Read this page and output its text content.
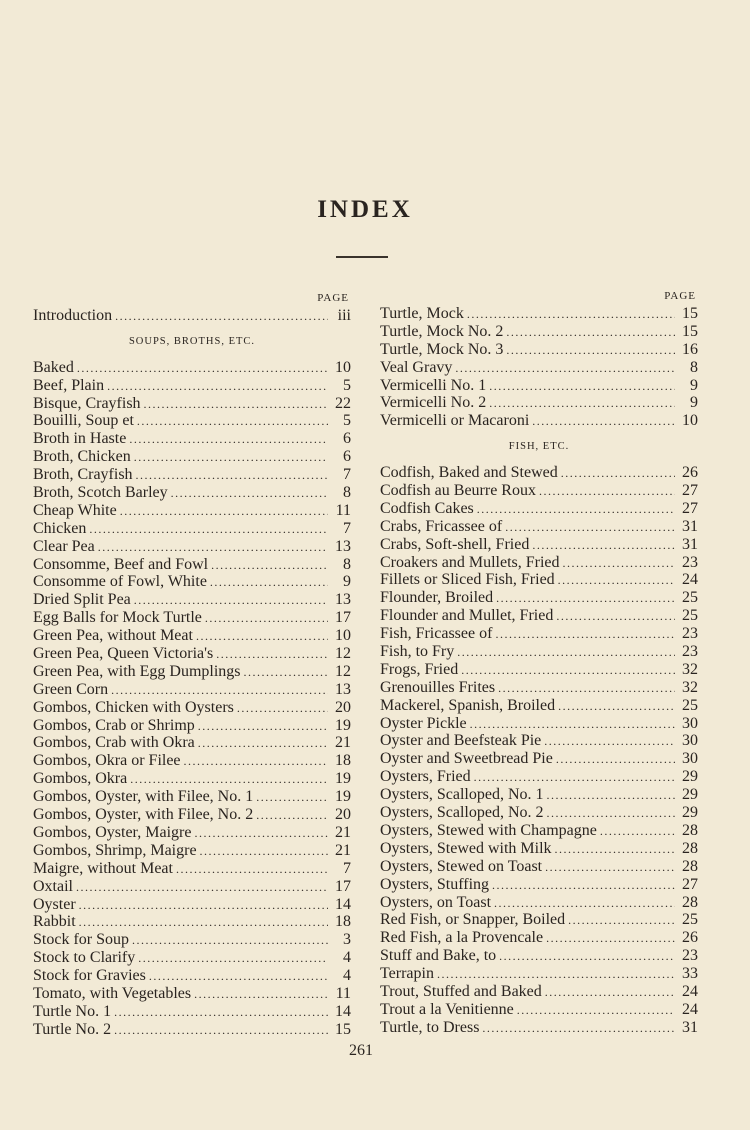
INDEX
PAGE
Introduction .....	iii
SOUPS, BROTHS, ETC.
Baked .....	10
Beef, Plain .....	5
Bisque, Crayfish .....	22
Bouilli, Soup et .....	5
Broth in Haste .....	6
Broth, Chicken .....	6
Broth, Crayfish .....	7
Broth, Scotch Barley .....	8
Cheap White .....	11
Chicken .....	7
Clear Pea .....	13
Consomme, Beef and Fowl .....	8
Consomme of Fowl, White .....	9
Dried Split Pea .....	13
Egg Balls for Mock Turtle .....	17
Green Pea, without Meat .....	10
Green Pea, Queen Victoria's .....	12
Green Pea, with Egg Dumplings .....	12
Green Corn .....	13
Gombos, Chicken with Oysters .....	20
Gombos, Crab or Shrimp .....	19
Gombos, Crab with Okra .....	21
Gombos, Okra or Filee .....	18
Gombos, Okra .....	19
Gombos, Oyster, with Filee, No. 1 .....	19
Gombos, Oyster, with Filee, No. 2 .....	20
Gombos, Oyster, Maigre .....	21
Gombos, Shrimp, Maigre .....	21
Maigre, without Meat .....	7
Oxtail .....	17
Oyster .....	14
Rabbit .....	18
Stock for Soup .....	3
Stock to Clarify .....	4
Stock for Gravies .....	4
Tomato, with Vegetables .....	11
Turtle No. 1 .....	14
Turtle No. 2 .....	15
PAGE
Turtle, Mock .....	15
Turtle, Mock No. 2 .....	15
Turtle, Mock No. 3 .....	16
Veal Gravy .....	8
Vermicelli No. 1 .....	9
Vermicelli No. 2 .....	9
Vermicelli or Macaroni .....	10
FISH, ETC.
Codfish, Baked and Stewed .....	26
Codfish au Beurre Roux .....	27
Codfish Cakes .....	27
Crabs, Fricassee of .....	31
Crabs, Soft-shell, Fried .....	31
Croakers and Mullets, Fried .....	23
Fillets or Sliced Fish, Fried .....	24
Flounder, Broiled .....	25
Flounder and Mullet, Fried .....	25
Fish, Fricassee of .....	23
Fish, to Fry .....	23
Frogs, Fried .....	32
Grenouilles Frites .....	32
Mackerel, Spanish, Broiled .....	25
Oyster Pickle .....	30
Oyster and Beefsteak Pie .....	30
Oyster and Sweetbread Pie .....	30
Oysters, Fried .....	29
Oysters, Scalloped, No. 1 .....	29
Oysters, Scalloped, No. 2 .....	29
Oysters, Stewed with Champagne .....	28
Oysters, Stewed with Milk .....	28
Oysters, Stewed on Toast .....	28
Oysters, Stuffing .....	27
Oysters, on Toast .....	28
Red Fish, or Snapper, Boiled .....	25
Red Fish, a la Provencale .....	26
Stuff and Bake, to .....	23
Terrapin .....	33
Trout, Stuffed and Baked .....	24
Trout a la Venitienne .....	24
Turtle, to Dress .....	31
261
